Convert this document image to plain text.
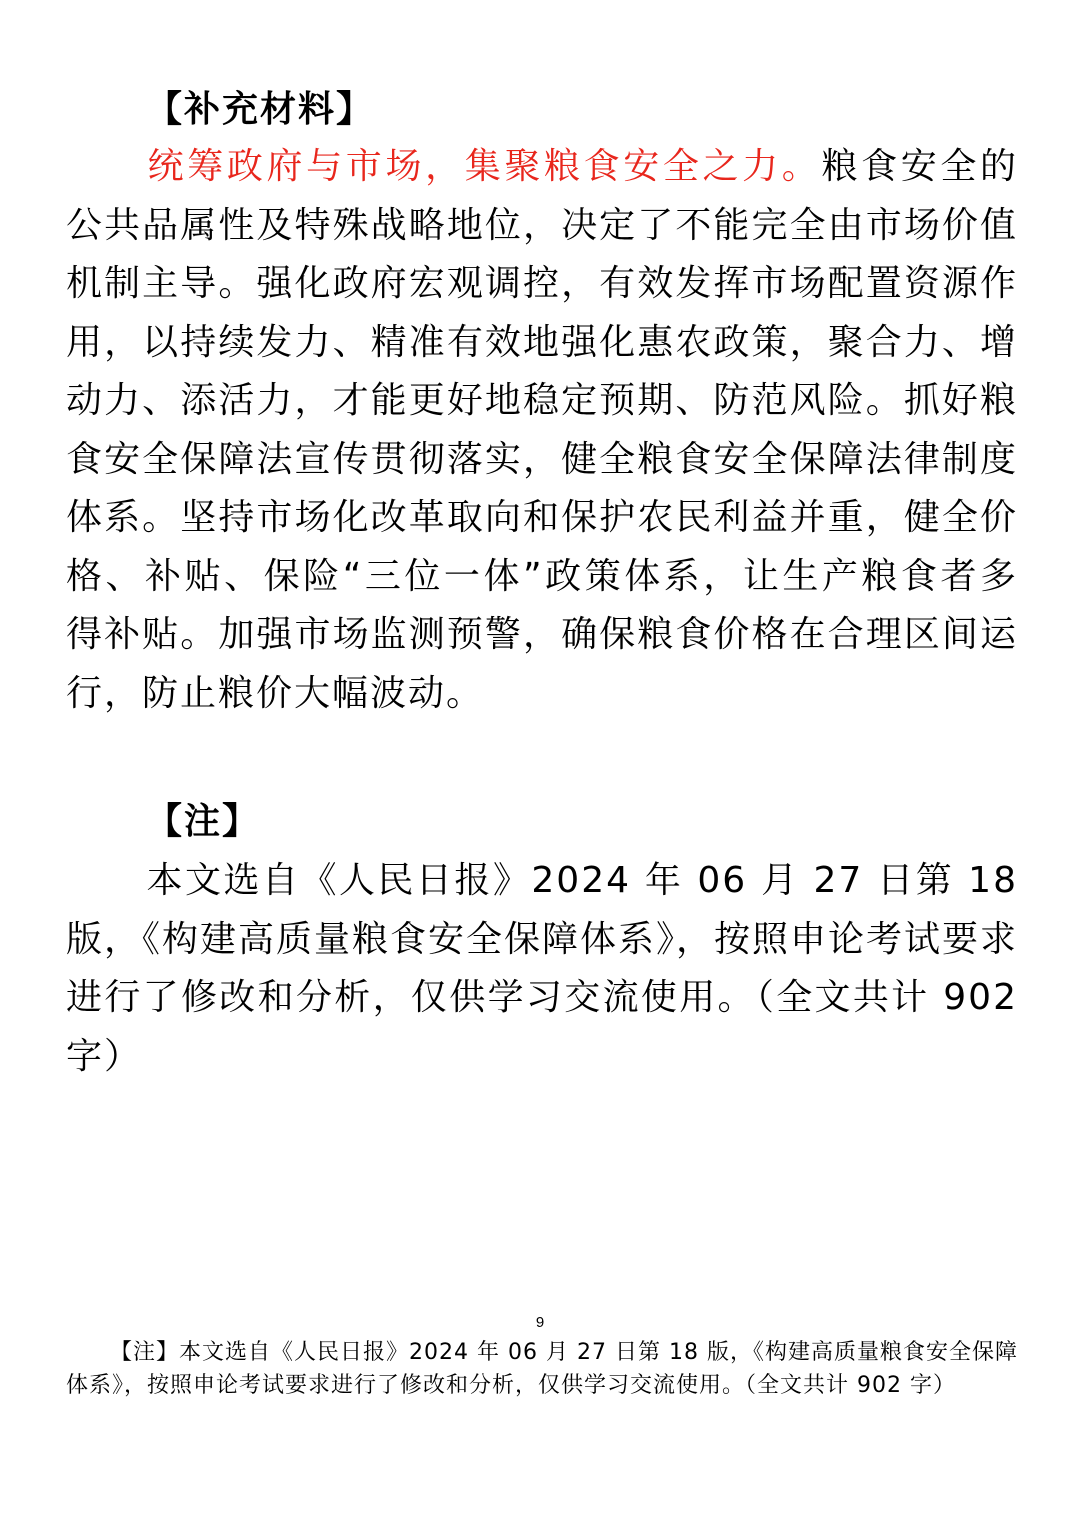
【补充材料】

统筹政府与市场，集聚粮食安全之力。粮食安全的公共品属性及特殊战略地位，决定了不能完全由市场价值机制主导。强化政府宏观调控，有效发挥市场配置资源作用，以持续发力、精准有效地强化惠农政策，聚合力、增动力、添活力，才能更好地稳定预期、防范风险。抓好粮食安全保障法宣传贯彻落实，健全粮食安全保障法律制度体系。坚持市场化改革取向和保护农民利益并重，健全价格、补贴、保险“三位一体”政策体系，让生产粮食者多得补贴。加强市场监测预警，确保粮食价格在合理区间运行，防止粮价大幅波动。

【注】

本文选自《人民日报》2024 年 06 月 27 日第 18 版，《构建高质量粮食安全保障体系》，按照申论考试要求进行了修改和分析，仅供学习交流使用。（全文共计 902 字）

9

【注】本文选自《人民日报》2024 年 06 月 27 日第 18 版，《构建高质量粮食安全保障体系》，按照申论考试要求进行了修改和分析，仅供学习交流使用。（全文共计 902 字）
